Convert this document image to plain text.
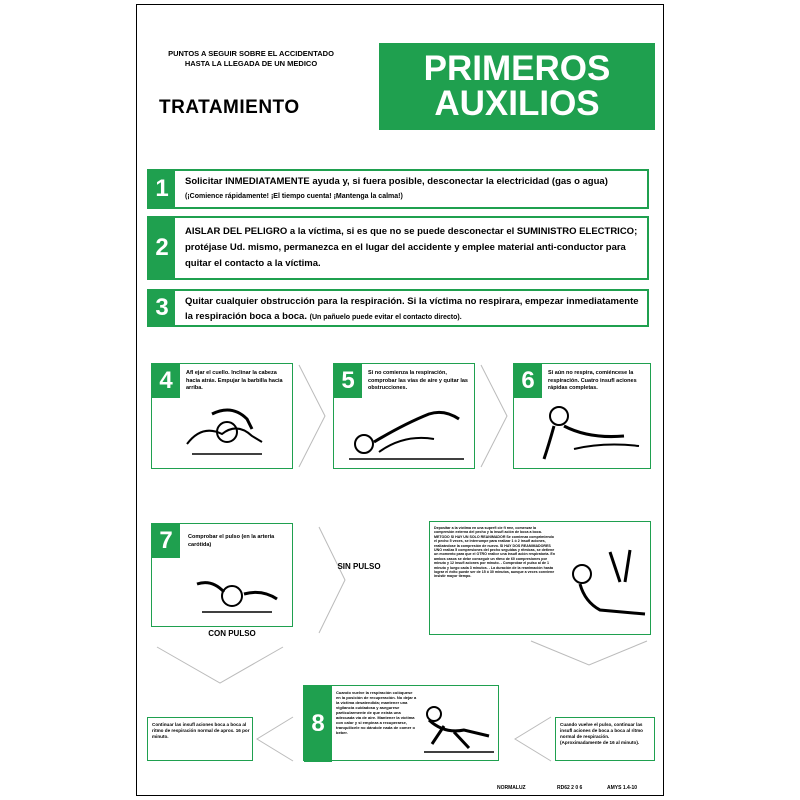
PUNTOS A SEGUIR SOBRE EL ACCIDENTADO
HASTA LA LLEGADA DE UN MEDICO
TRATAMIENTO
PRIMEROS
AUXILIOS
1	Solicitar INMEDIATAMENTE ayuda y, si fuera posible, desconectar la electricidad (gas o agua)
(¡Comience rápidamente! ¡El tiempo cuenta! ¡Mantenga la calma!)
2
AISLAR DEL PELIGRO a la víctima, si es que no se puede desconectar el SUMINISTRO ELECTRICO; protéjase Ud. mismo, permanezca en el lugar del accidente y emplee material anti-conductor para quitar el contacto a la víctima.
3	Quitar cualquier obstrucción para la respiración. Si la víctima no respirara, empezar inmediatamente la respiración boca a boca. (Un pañuelo puede evitar el contacto directo).
4	Afl ejar el cuello. Inclinar la cabeza hacia atrás. Empujar la barbilla hacia arriba.	5	Si no comienza la respiración, comprobar las vías de aire y quitar las obstrucciones.	6	Si aún no respira, comiéncese la respiración. Cuatro insufl aciones rápidas completas.
7	Comprobar el pulso (en la arteria carótida)
CON PULSO
SIN PULSO
Depositar a la víctima en una superfi cie fi rme, comenzar la compresión externa del pecho y la insufl ación de boca a boca. METODO SI HAY UN SOLO REANIMADOR Se comienza comprimiendo el pecho 5 veces, se interrumpe para realizar 1 ó 2 insufl aciones, realizándose la compresión de nuevo. SI HAY DOS REANIMADORES UNO realiza 5 compresiones del pecho seguidas y rítmicas, se detiene un momento para que el OTRO realice una insufl ación respiratoria. En ambos casos se debe conseguir un ritmo de 60 compresiones por minuto y 12 insufl aciones por minuto. - Comprobar el pulso al de 1 minuto y luego cada 3 minutos. - La duración de la reanimación hasta lograr el éxito puede ser de 15 ó 30 minutos, aunque a veces conviene insistir mayor tiempo.
8
Cuando vuelve la respiración colóquese en la posición de recuperación. No dejar a la víctima desatendida; mantener una vigilancia cuidadosa y asegurese particularmente de que exista una adecuada vía de aire. Mantener la víctima con calor y si empieza a recuperarse, tranquilícele no dándole nada de comer o beber.
Continuar las insufl aciones boca a boca al ritmo de respiración normal de aprox. 16 por minuto.
Cuando vuelve el pulso, continuar las insufl aciones de boca a boca al ritmo normal de respiración. (Aproximadamente de 16 al minuto).
NORMALUZ	RD62 2 0 6	AMYS 1.4-10
